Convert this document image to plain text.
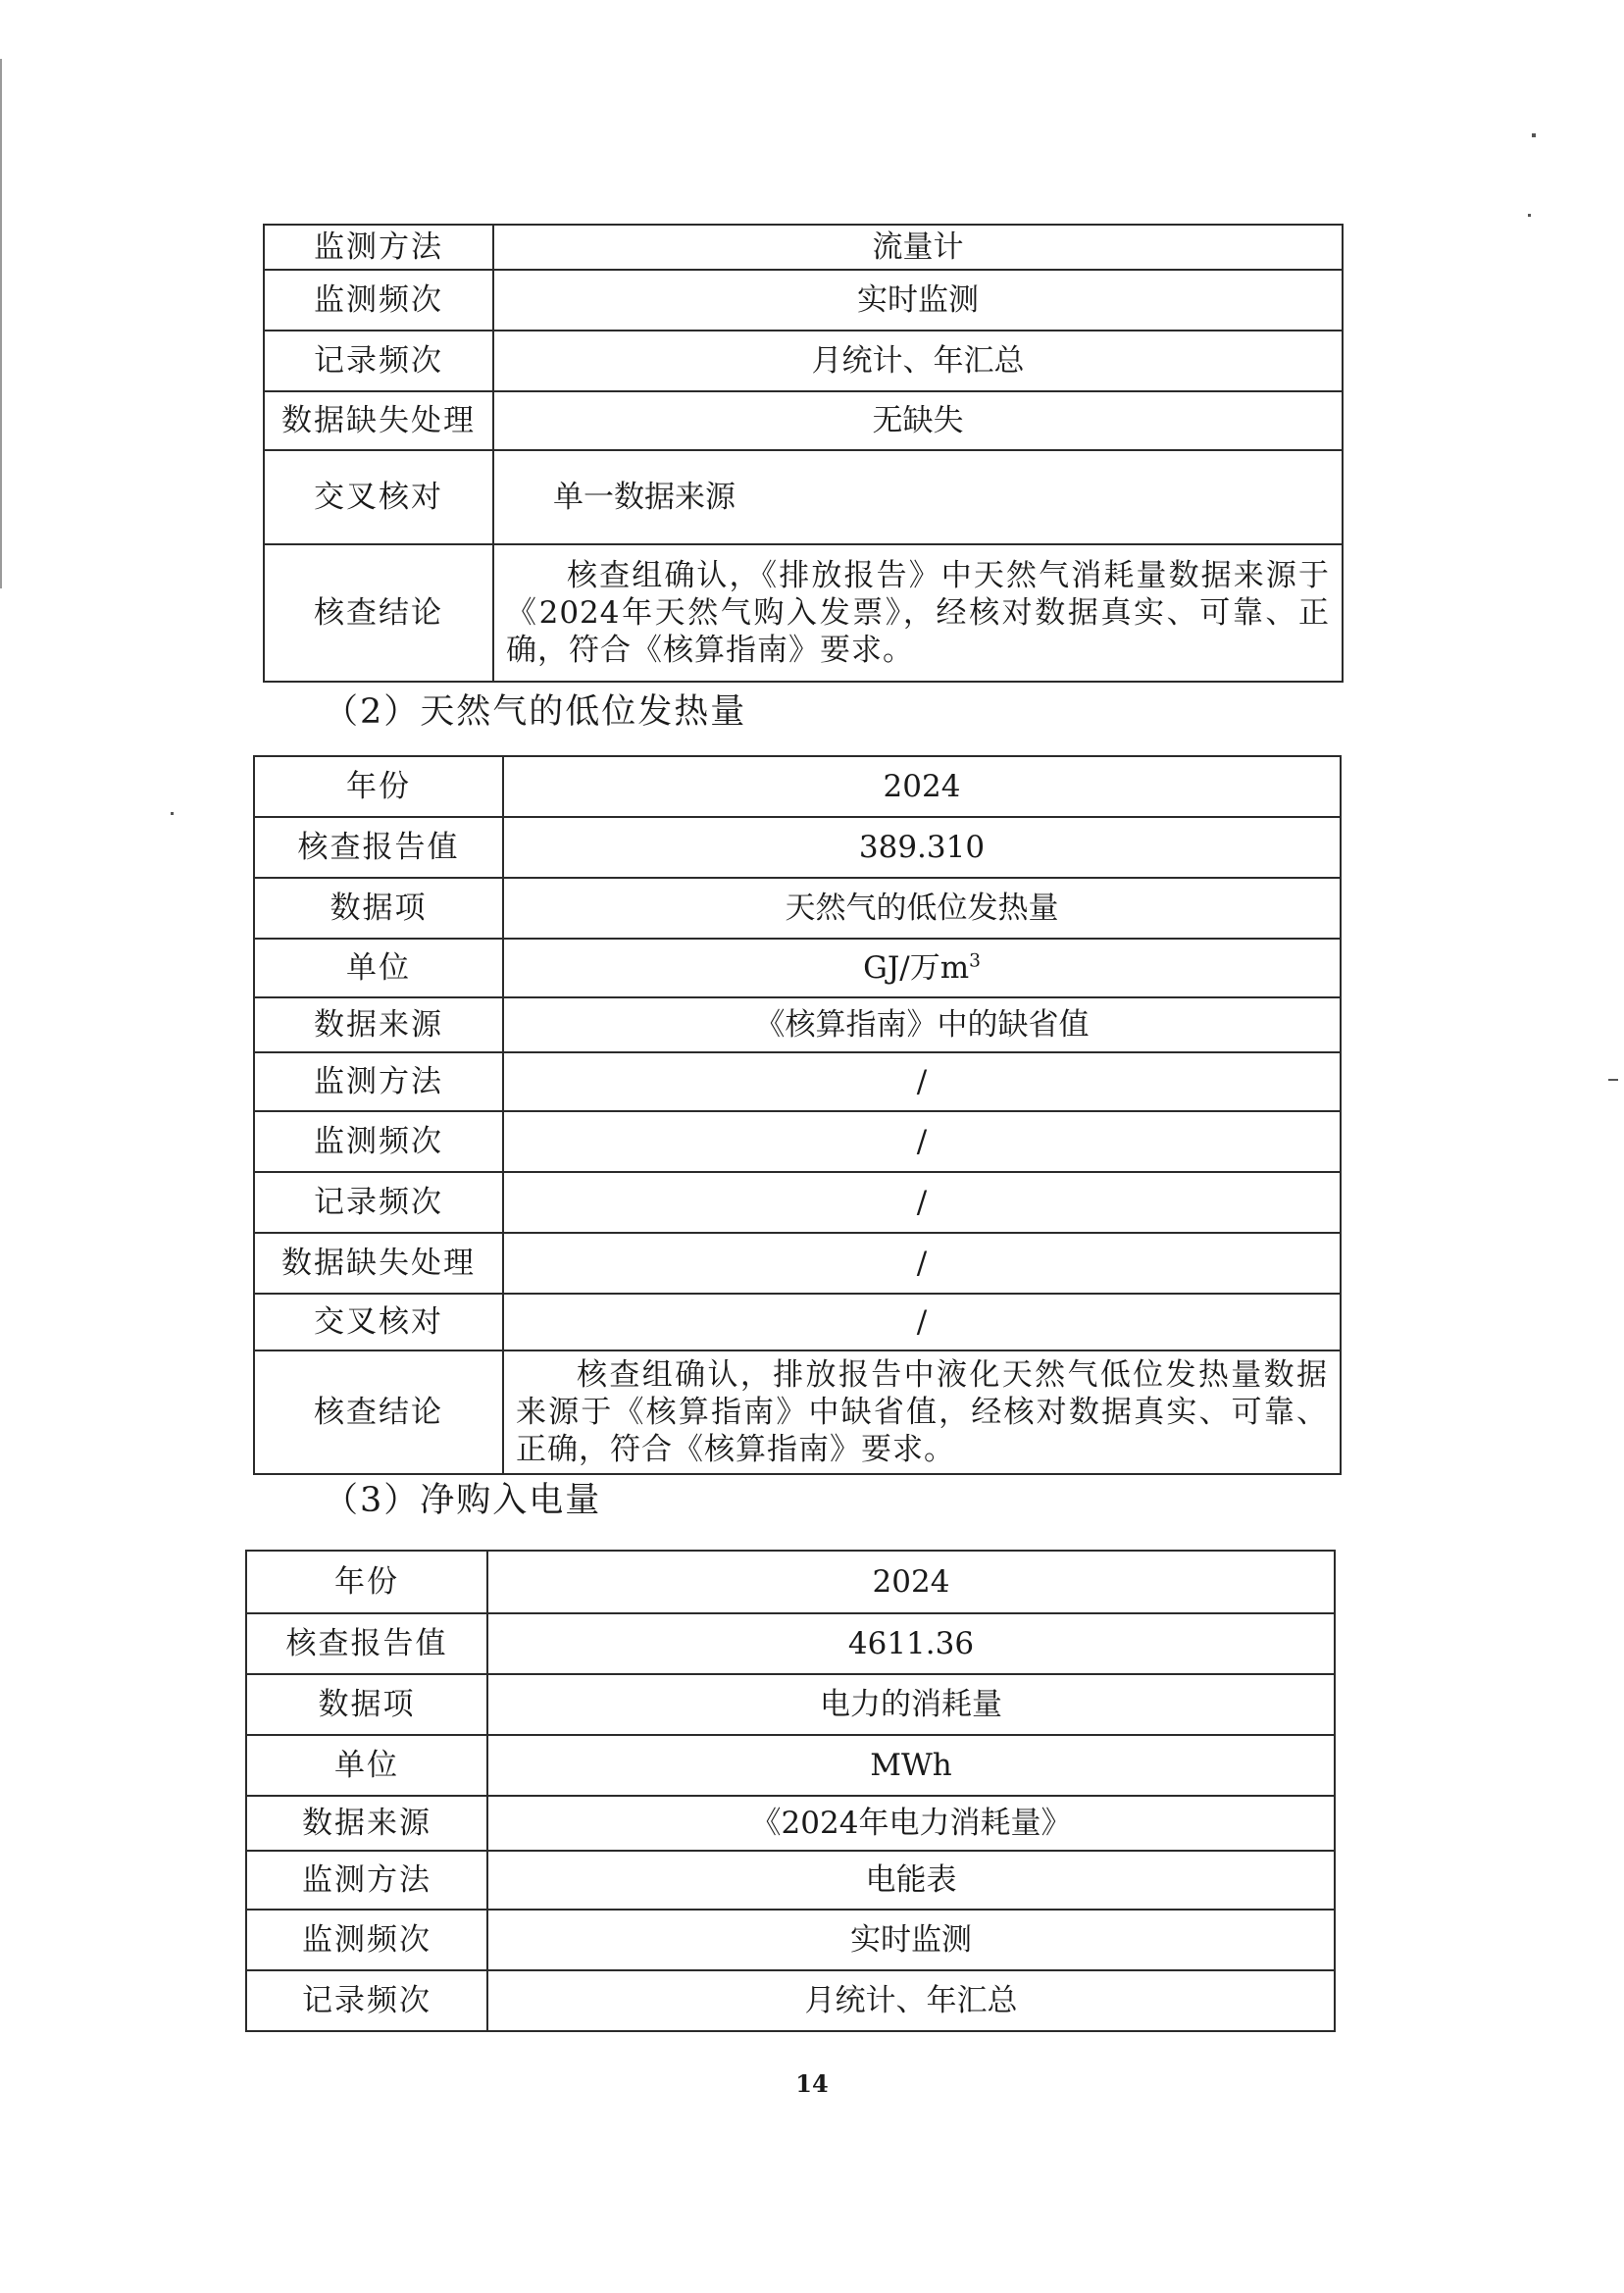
监测方法	流量计
监测频次	实时监测
记录频次	月统计、年汇总
数据缺失处理	无缺失
交叉核对	单一数据来源
核查结论	核查组确认，《排放报告》中天然气消耗量数据来源于《2024年天然气购入发票》，经核对数据真实、可靠、正确，符合《核算指南》要求。
（2）天然气的低位发热量
年份	2024
核查报告值	389.310
数据项	天然气的低位发热量
单位	GJ/万$m^3$
数据来源	《核算指南》中的缺省值
监测方法	/
监测频次	/
记录频次	/
数据缺失处理	/
交叉核对	/
核查结论	核查组确认，排放报告中液化天然气低位发热量数据来源于《核算指南》中缺省值，经核对数据真实、可靠、正确，符合《核算指南》要求。
（3）净购入电量
年份	2024
核查报告值	4611.36
数据项	电力的消耗量
单位	MWh
数据来源	《2024年电力消耗量》
监测方法	电能表
监测频次	实时监测
记录频次	月统计、年汇总
14
